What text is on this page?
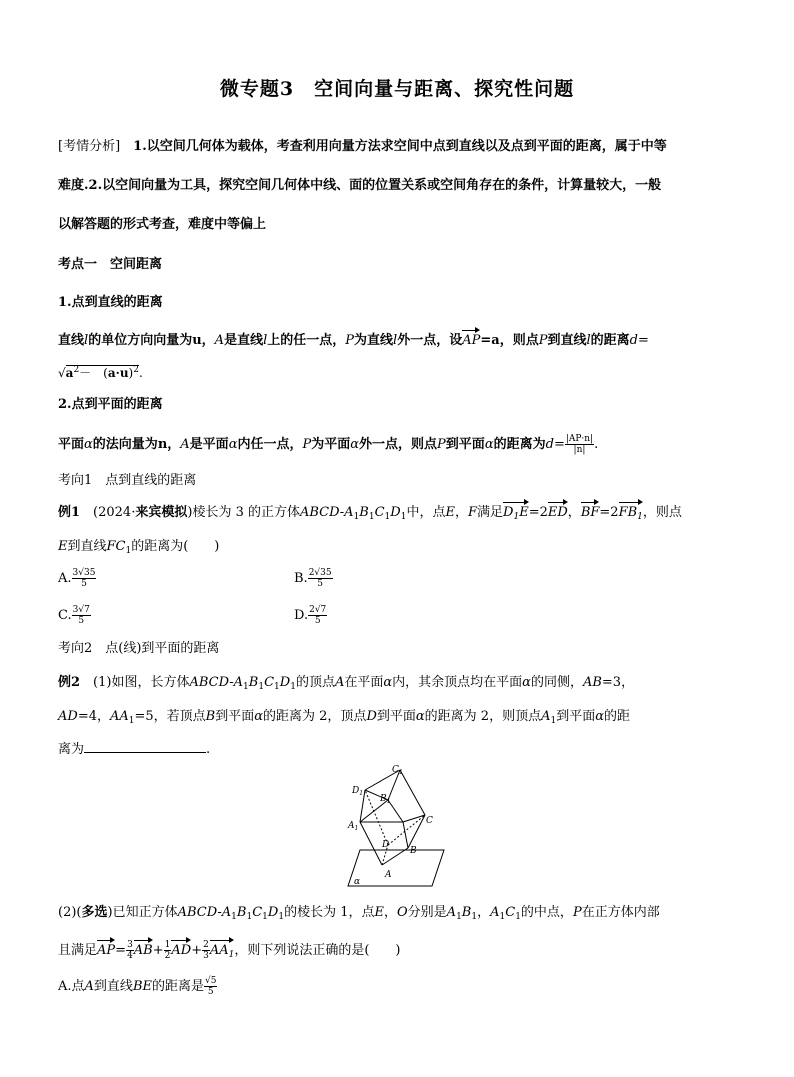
微专题3　空间向量与距离、探究性问题
[考情分析]　1.以空间几何体为载体，考查利用向量方法求空间中点到直线以及点到平面的距离，属于中等
难度.2.以空间向量为工具，探究空间几何体中线、面的位置关系或空间角存在的条件，计算量较大，一般
以解答题的形式考查，难度中等偏上
考点一　空间距离
1.点到直线的距离
直线l的单位方向向量为u，A是直线l上的任一点，P为直线l外一点，设AP=a，则点P到直线l的距离d=
$√a^2-$　$(a\cdot u)^2$.
2.点到平面的距离
平面α的法向量为n，A是平面α内任一点，P为平面α外一点，则点P到平面α的距离为$d= \frac{|AP\cdot n|}{|n|}$ .
考向1　点到直线的距离
例1　(2024·来宾模拟)棱长为 3 的正方体ABCD-$A_1B_1C_1D_1$中，点E，F满足$D_1E=2ED$，$BF=2FB_1$，则点
E到直线$FC_1$的距离为(　　)
A. $\frac{3√35}{5}$	B. $\frac{2√35}{5}$
C. $\frac{3√7}{5}$	D. $\frac{2√7}{5}$
考向2　点(线)到平面的距离
例2　(1)如图，长方体ABCD-$A_1B_1C_1D_1$的顶点A在平面α内，其余顶点均在平面α的同侧，AB=3，
AD=4，$AA_1=5$，若顶点B到平面α的距离为 2，顶点D到平面α的距离为 2，则顶点$A_1$到平面α的距
离为	.
$C_1$
$D_1$
$B_1$
$A_1$
C
D
B
A
α
(2)(多选)已知正方体ABCD-$A_1B_1C_1D_1$的棱长为 1，点E，O分别是$A_1B_1$，$A_1C_1$的中点，P在正方体内部
且满足$AP= \frac{3}{4} AB+ \frac{1}{2} AD+ \frac{2}{3} AA_1$，则下列说法正确的是(　　)
A.点A到直线BE的距离是 $\frac{√5}{5}$
